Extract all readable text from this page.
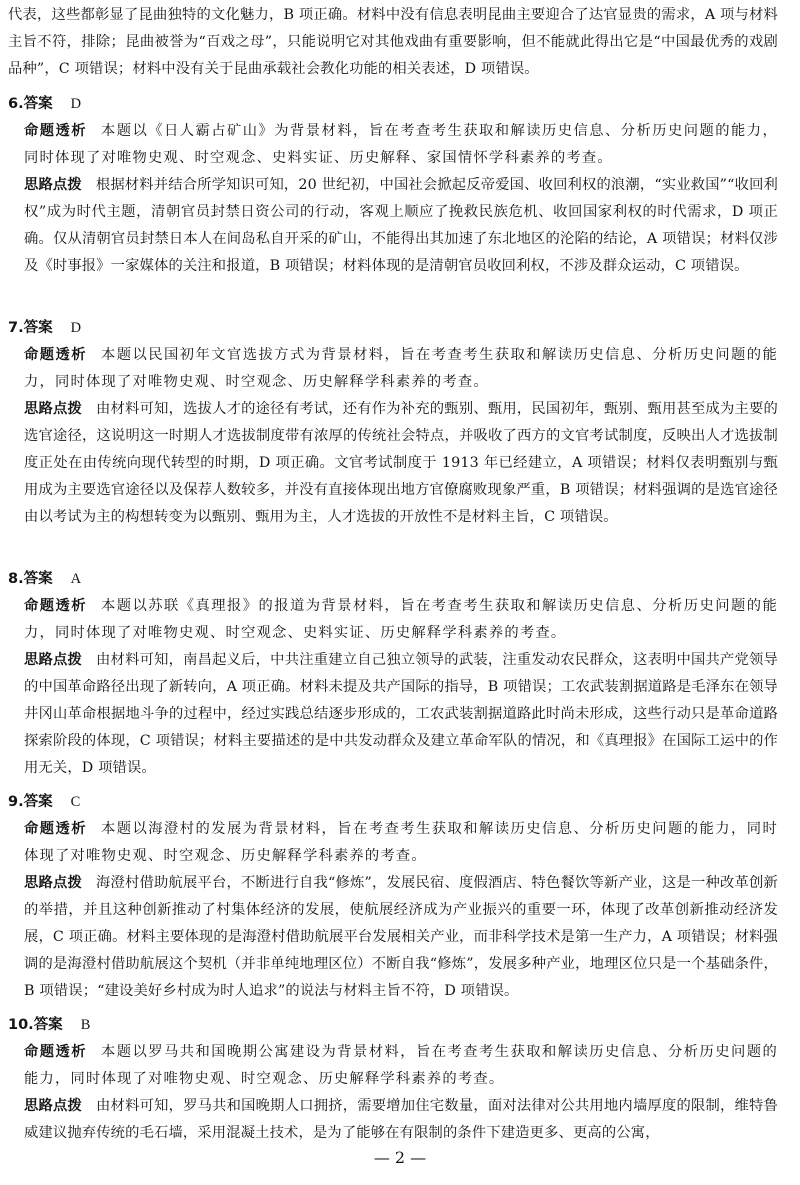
代表，这些都彰显了昆曲独特的文化魅力，B 项正确。材料中没有信息表明昆曲主要迎合了达官显贵的需求，A 项与材料主旨不符，排除；昆曲被誉为“百戏之母”，只能说明它对其他戏曲有重要影响，但不能就此得出它是“中国最优秀的戏剧品种”，C 项错误；材料中没有关于昆曲承载社会教化功能的相关表述，D 项错误。

6.答案 D

命题透析 本题以《日人霸占矿山》为背景材料，旨在考查考生获取和解读历史信息、分析历史问题的能力，同时体现了对唯物史观、时空观念、史料实证、历史解释、家国情怀学科素养的考查。

思路点拨 根据材料并结合所学知识可知，20 世纪初，中国社会掀起反帝爱国、收回利权的浪潮，“实业救国”“收回利权”成为时代主题，清朝官员封禁日资公司的行动，客观上顺应了挽救民族危机、收回国家利权的时代需求，D 项正确。仅从清朝官员封禁日本人在间岛私自开采的矿山，不能得出其加速了东北地区的沦陷的结论，A 项错误；材料仅涉及《时事报》一家媒体的关注和报道，B 项错误；材料体现的是清朝官员收回利权，不涉及群众运动，C 项错误。

7.答案 D

命题透析 本题以民国初年文官选拔方式为背景材料，旨在考查考生获取和解读历史信息、分析历史问题的能力，同时体现了对唯物史观、时空观念、历史解释学科素养的考查。

思路点拨 由材料可知，选拔人才的途径有考试，还有作为补充的甄别、甄用，民国初年，甄别、甄用甚至成为主要的选官途径，这说明这一时期人才选拔制度带有浓厚的传统社会特点，并吸收了西方的文官考试制度，反映出人才选拔制度正处在由传统向现代转型的时期，D 项正确。文官考试制度于 1913 年已经建立，A 项错误；材料仅表明甄别与甄用成为主要选官途径以及保荐人数较多，并没有直接体现出地方官僚腐败现象严重，B 项错误；材料强调的是选官途径由以考试为主的构想转变为以甄别、甄用为主，人才选拔的开放性不是材料主旨，C 项错误。

8.答案 A

命题透析 本题以苏联《真理报》的报道为背景材料，旨在考查考生获取和解读历史信息、分析历史问题的能力，同时体现了对唯物史观、时空观念、史料实证、历史解释学科素养的考查。

思路点拨 由材料可知，南昌起义后，中共注重建立自己独立领导的武装，注重发动农民群众，这表明中国共产党领导的中国革命路径出现了新转向，A 项正确。材料未提及共产国际的指导，B 项错误；工农武装割据道路是毛泽东在领导井冈山革命根据地斗争的过程中，经过实践总结逐步形成的，工农武装割据道路此时尚未形成，这些行动只是革命道路探索阶段的体现，C 项错误；材料主要描述的是中共发动群众及建立革命军队的情况，和《真理报》在国际工运中的作用无关，D 项错误。

9.答案 C

命题透析 本题以海澄村的发展为背景材料，旨在考查考生获取和解读历史信息、分析历史问题的能力，同时体现了对唯物史观、时空观念、历史解释学科素养的考查。

思路点拨 海澄村借助航展平台，不断进行自我“修炼”，发展民宿、度假酒店、特色餐饮等新产业，这是一种改革创新的举措，并且这种创新推动了村集体经济的发展，使航展经济成为产业振兴的重要一环，体现了改革创新推动经济发展，C 项正确。材料主要体现的是海澄村借助航展平台发展相关产业，而非科学技术是第一生产力，A 项错误；材料强调的是海澄村借助航展这个契机（并非单纯地理区位）不断自我“修炼”，发展多种产业，地理区位只是一个基础条件，B 项错误；“建设美好乡村成为时人追求”的说法与材料主旨不符，D 项错误。

10.答案 B

命题透析 本题以罗马共和国晚期公寓建设为背景材料，旨在考查考生获取和解读历史信息、分析历史问题的能力，同时体现了对唯物史观、时空观念、历史解释学科素养的考查。

思路点拨 由材料可知，罗马共和国晚期人口拥挤，需要增加住宅数量，面对法律对公共用地内墙厚度的限制，维特鲁威建议抛弃传统的毛石墙，采用混凝土技术，是为了能够在有限制的条件下建造更多、更高的公寓，

— 2 —
